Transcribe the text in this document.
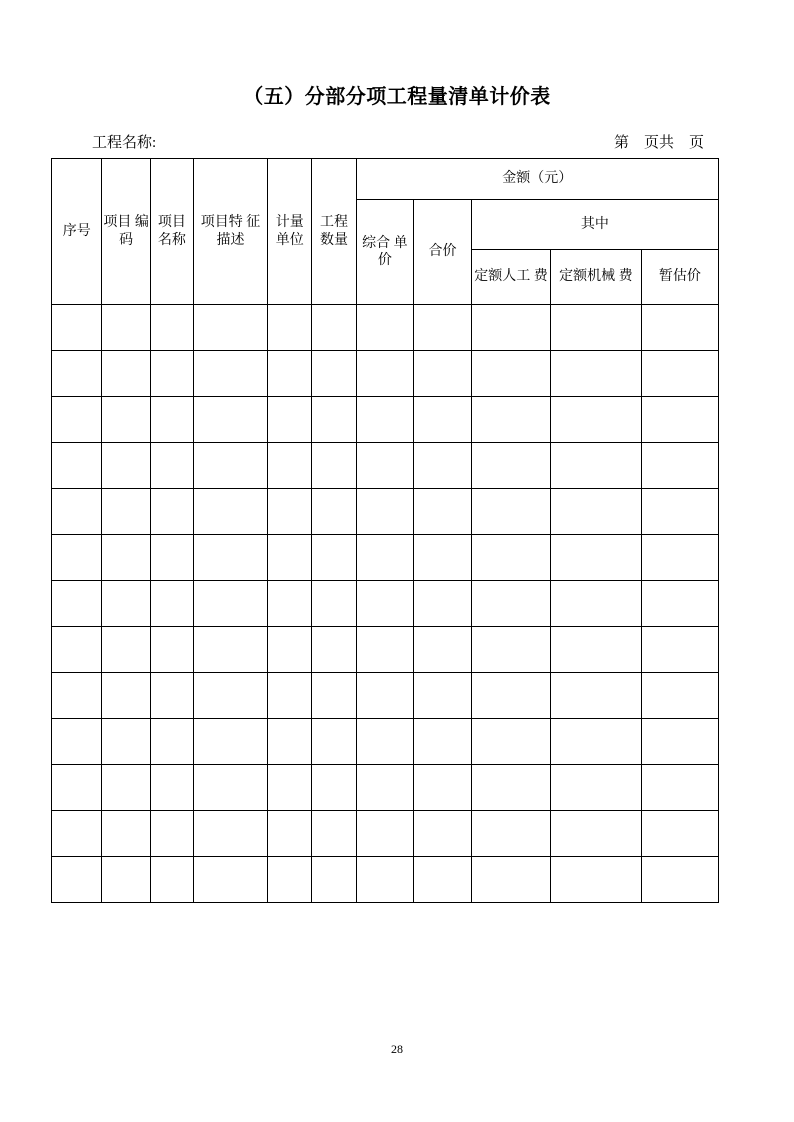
（五）分部分项工程量清单计价表
工程名称:	第    页共    页
序号	项目 编码	项目 名称	项目特 征描述	计量 单位	工程 数量	金额（元）				
						综合 单价	合价	其中		
								定额人工 费	定额机械 费	暂估价

28
